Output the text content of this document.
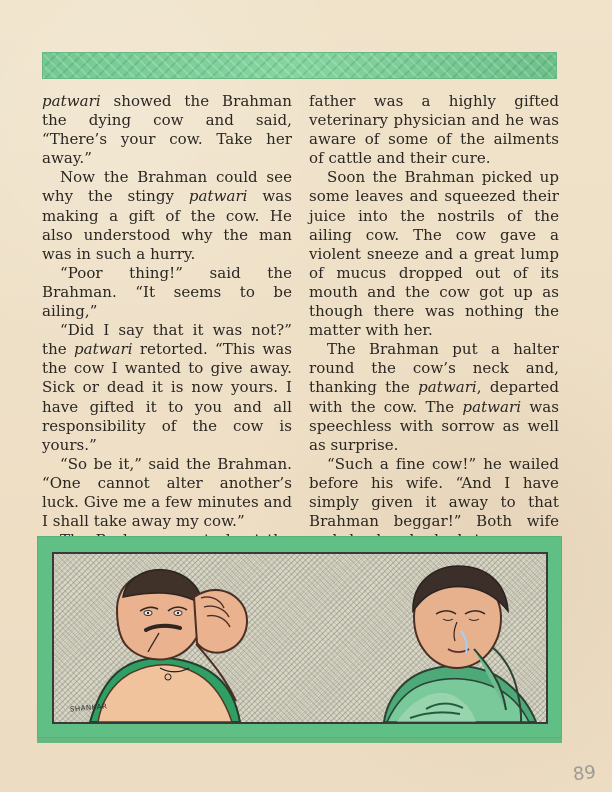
patwari showed the Brahman the dying cow and said, “There’s your cow. Take her away.”

Now the Brahman could see why the stingy patwari was making a gift of the cow. He also understood why the man was in such a hurry.

“Poor thing!” said the Brahman. “It seems to be ailing,”

“Did I say that it was not?” the patwari retorted. “This was the cow I wanted to give away. Sick or dead it is now yours. I have gifted it to you and all responsibility of the cow is yours.”

“So be it,” said the Brahman. “One cannot alter another’s luck. Give me a few minutes and I shall take away my cow.”

father was a highly gifted veterinary physician and he was aware of some of the ailments of cattle and their cure.

Soon the Brahman picked up some leaves and squeezed their juice into the nostrils of the ailing cow. The cow gave a violent sneeze and a great lump of mucus dropped out of its mouth and the cow got up as though there was nothing the matter with her.

The Brahman put a halter round the cow’s neck and, thanking the patwari, departed with the cow. The patwari was speechless with sorrow as well as surprise.

“Such a fine cow!” he wailed before his wife. “And I have simply given it away to that Brahman beggar!” Both wife

SHANKAR
89
